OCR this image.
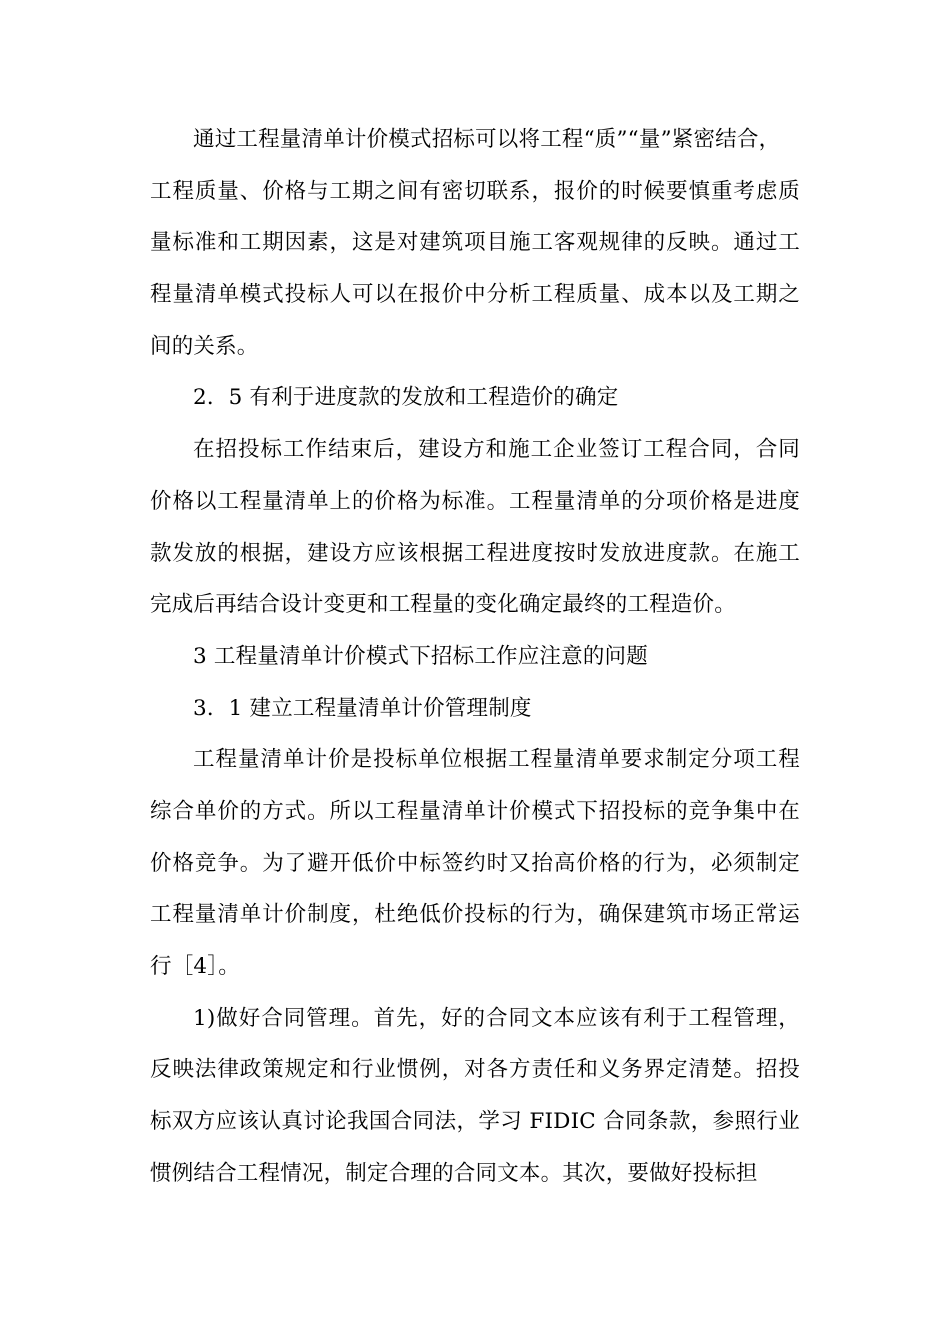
通过工程量清单计价模式招标可以将工程“质”“量”紧密结合，
工程质量、价格与工期之间有密切联系，报价的时候要慎重考虑质
量标准和工期因素，这是对建筑项目施工客观规律的反映。通过工
程量清单模式投标人可以在报价中分析工程质量、成本以及工期之
间的关系。
2．5 有利于进度款的发放和工程造价的确定
在招投标工作结束后，建设方和施工企业签订工程合同，合同
价格以工程量清单上的价格为标准。工程量清单的分项价格是进度
款发放的根据，建设方应该根据工程进度按时发放进度款。在施工
完成后再结合设计变更和工程量的变化确定最终的工程造价。
3 工程量清单计价模式下招标工作应注意的问题
3．1 建立工程量清单计价管理制度
工程量清单计价是投标单位根据工程量清单要求制定分项工程
综合单价的方式。所以工程量清单计价模式下招投标的竞争集中在
价格竞争。为了避开低价中标签约时又抬高价格的行为，必须制定
工程量清单计价制度，杜绝低价投标的行为，确保建筑市场正常运
行［4］。
1)做好合同管理。首先，好的合同文本应该有利于工程管理，
反映法律政策规定和行业惯例，对各方责任和义务界定清楚。招投
标双方应该认真讨论我国合同法，学习 FIDIC 合同条款，参照行业
惯例结合工程情况，制定合理的合同文本。其次，要做好投标担
